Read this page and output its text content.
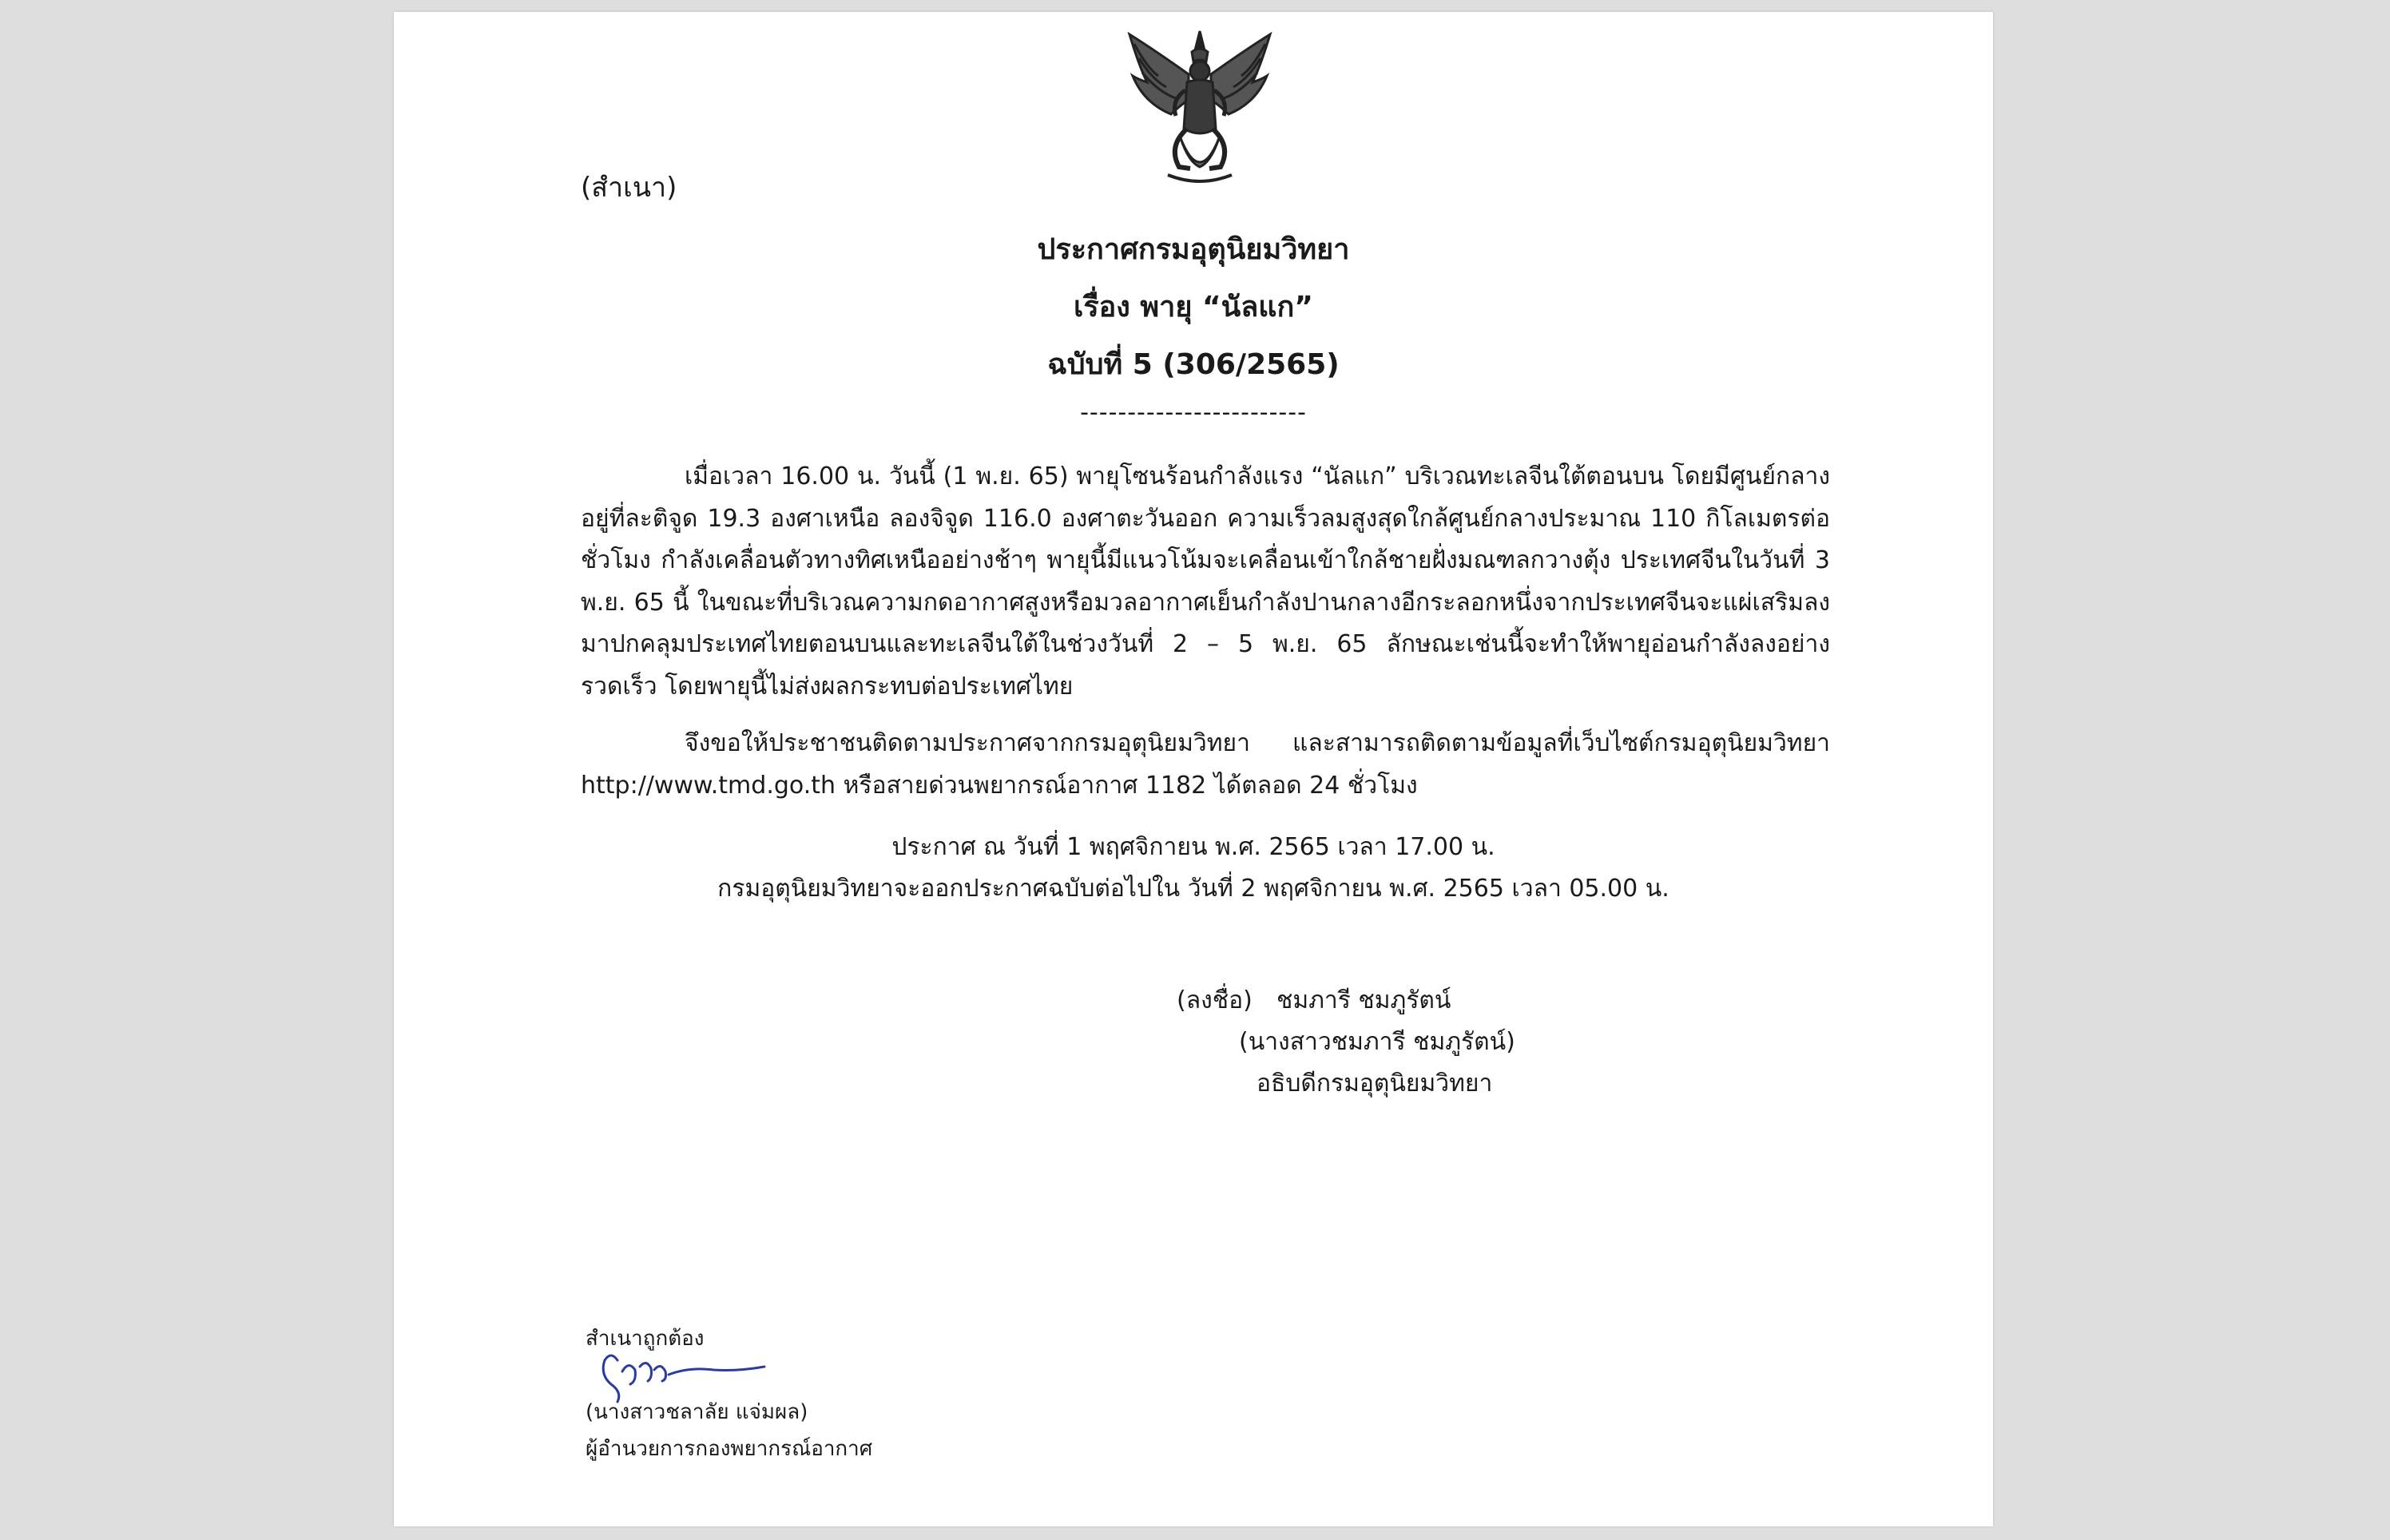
(สำเนา)

ประกาศกรมอุตุนิยมวิทยา

เรื่อง พายุ “นัลแก”

ฉบับที่ 5 (306/2565)

------------------------

เมื่อเวลา 16.00 น. วันนี้ (1 พ.ย. 65) พายุโซนร้อนกำลังแรง “นัลแก” บริเวณทะเลจีนใต้ตอนบน โดยมีศูนย์กลางอยู่ที่ละติจูด 19.3 องศาเหนือ ลองจิจูด 116.0 องศาตะวันออก ความเร็วลมสูงสุดใกล้ศูนย์กลางประมาณ 110 กิโลเมตรต่อชั่วโมง กำลังเคลื่อนตัวทางทิศเหนืออย่างช้าๆ พายุนี้มีแนวโน้มจะเคลื่อนเข้าใกล้ชายฝั่งมณฑลกวางตุ้ง ประเทศจีนในวันที่ 3 พ.ย. 65 นี้ ในขณะที่บริเวณความกดอากาศสูงหรือมวลอากาศเย็นกำลังปานกลางอีกระลอกหนึ่งจากประเทศจีนจะแผ่เสริมลงมาปกคลุมประเทศไทยตอนบนและทะเลจีนใต้ในช่วงวันที่ 2 – 5 พ.ย. 65 ลักษณะเช่นนี้จะทำให้พายุอ่อนกำลังลงอย่างรวดเร็ว โดยพายุนี้ไม่ส่งผลกระทบต่อประเทศไทย

จึงขอให้ประชาชนติดตามประกาศจากกรมอุตุนิยมวิทยา และสามารถติดตามข้อมูลที่เว็บไซต์กรมอุตุนิยมวิทยา http://www.tmd.go.th หรือสายด่วนพยากรณ์อากาศ 1182 ได้ตลอด 24 ชั่วโมง

ประกาศ ณ วันที่ 1 พฤศจิกายน พ.ศ. 2565 เวลา 17.00 น.

กรมอุตุนิยมวิทยาจะออกประกาศฉบับต่อไปใน วันที่ 2 พฤศจิกายน พ.ศ. 2565 เวลา 05.00 น.

(ลงชื่อ) ชมภารี ชมภูรัตน์

(นางสาวชมภารี ชมภูรัตน์)

อธิบดีกรมอุตุนิยมวิทยา

สำเนาถูกต้อง

(นางสาวชลาลัย แจ่มผล)

ผู้อำนวยการกองพยากรณ์อากาศ
